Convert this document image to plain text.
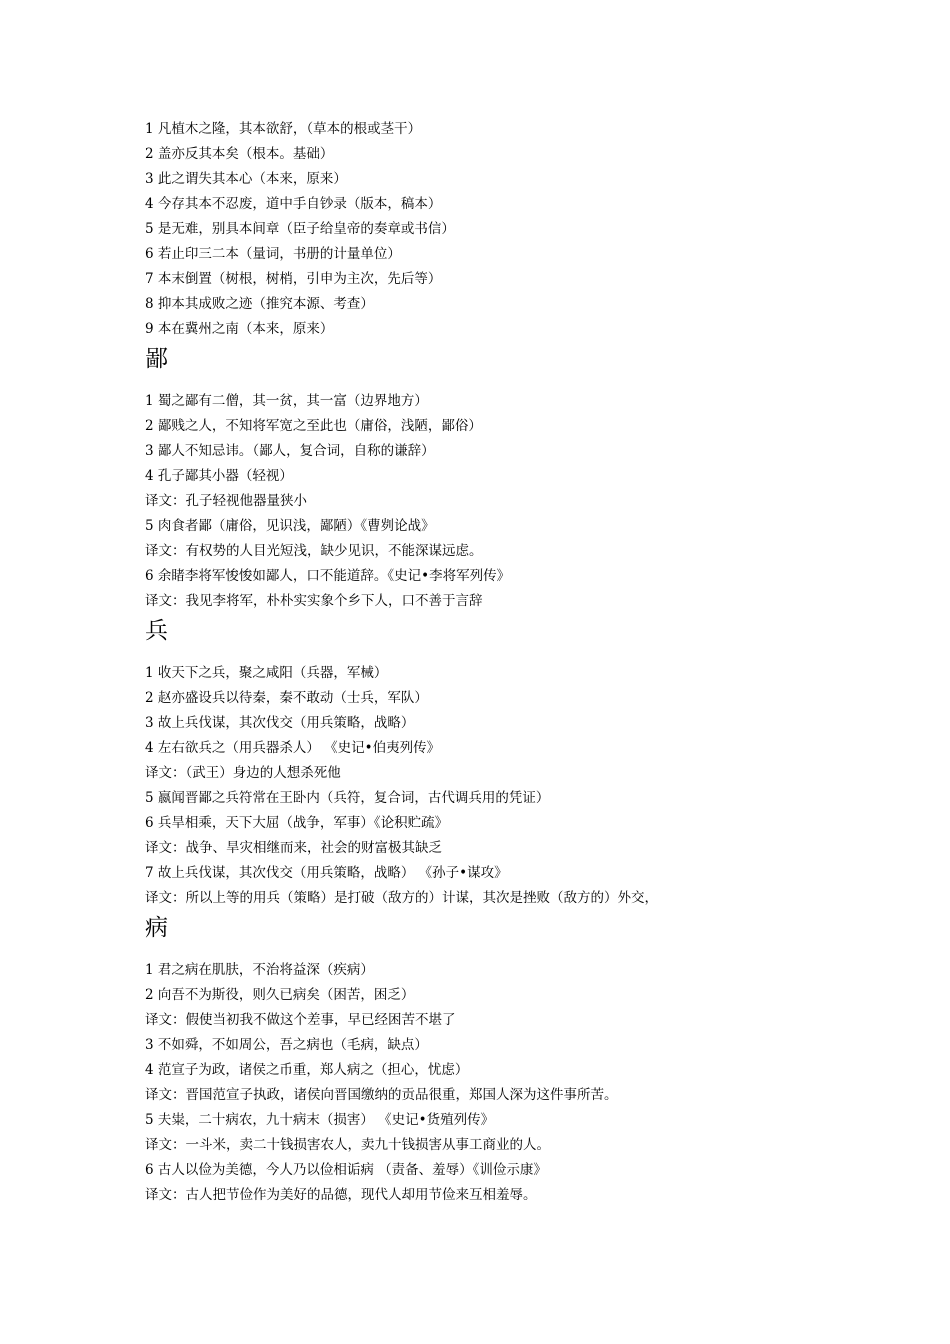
1 凡植木之隆，其本欲舒，（草本的根或茎干）
2 盖亦反其本矣（根本。基础）
3 此之谓失其本心（本来，原来）
4 今存其本不忍废，道中手自钞录（版本，稿本）
5 是无难，别具本间章（臣子给皇帝的奏章或书信）
6 若止印三二本（量词，书册的计量单位）
7 本末倒置（树根，树梢，引申为主次，先后等）
8 抑本其成败之迹（推究本源、考查）
9 本在冀州之南（本来，原来）
鄙
1 蜀之鄙有二僧，其一贫，其一富（边界地方）
2 鄙贱之人，不知将军宽之至此也（庸俗，浅陋，鄙俗）
3 鄙人不知忌讳。（鄙人，复合词，自称的谦辞）
4 孔子鄙其小器（轻视）
译文：孔子轻视他器量狭小
5 肉食者鄙（庸俗，见识浅，鄙陋）《曹刿论战》
译文：有权势的人目光短浅，缺少见识，不能深谋远虑。
6 余睹李将军悛悛如鄙人，口不能道辞。《史记•李将军列传》
译文：我见李将军，朴朴实实象个乡下人，口不善于言辞
兵
1 收天下之兵，聚之咸阳（兵器，军械）
2 赵亦盛设兵以待秦，秦不敢动（士兵，军队）
3 故上兵伐谋，其次伐交（用兵策略，战略）
4 左右欲兵之（用兵器杀人） 《史记•伯夷列传》
译文：（武王）身边的人想杀死他
5 嬴闻晋鄙之兵符常在王卧内（兵符，复合词，古代调兵用的凭证）
6 兵旱相乘，天下大屈（战争，军事）《论积贮疏》
译文：战争、旱灾相继而来，社会的财富极其缺乏
7 故上兵伐谋，其次伐交（用兵策略，战略） 《孙子•谋攻》
译文：所以上等的用兵（策略）是打破（敌方的）计谋，其次是挫败（敌方的）外交，
病
1 君之病在肌肤，不治将益深（疾病）
2 向吾不为斯役，则久已病矣（困苦，困乏）
译文：假使当初我不做这个差事，早已经困苦不堪了
3 不如舜，不如周公，吾之病也（毛病，缺点）
4 范宣子为政，诸侯之币重，郑人病之（担心，忧虑）
译文：晋国范宣子执政，诸侯向晋国缴纳的贡品很重，郑国人深为这件事所苦。
5 夫粜，二十病农，九十病末（损害） 《史记•货殖列传》
译文：一斗米，卖二十钱损害农人，卖九十钱损害从事工商业的人。
6 古人以俭为美德，今人乃以俭相诟病 （责备、羞辱）《训俭示康》
译文：古人把节俭作为美好的品德，现代人却用节俭来互相羞辱。
